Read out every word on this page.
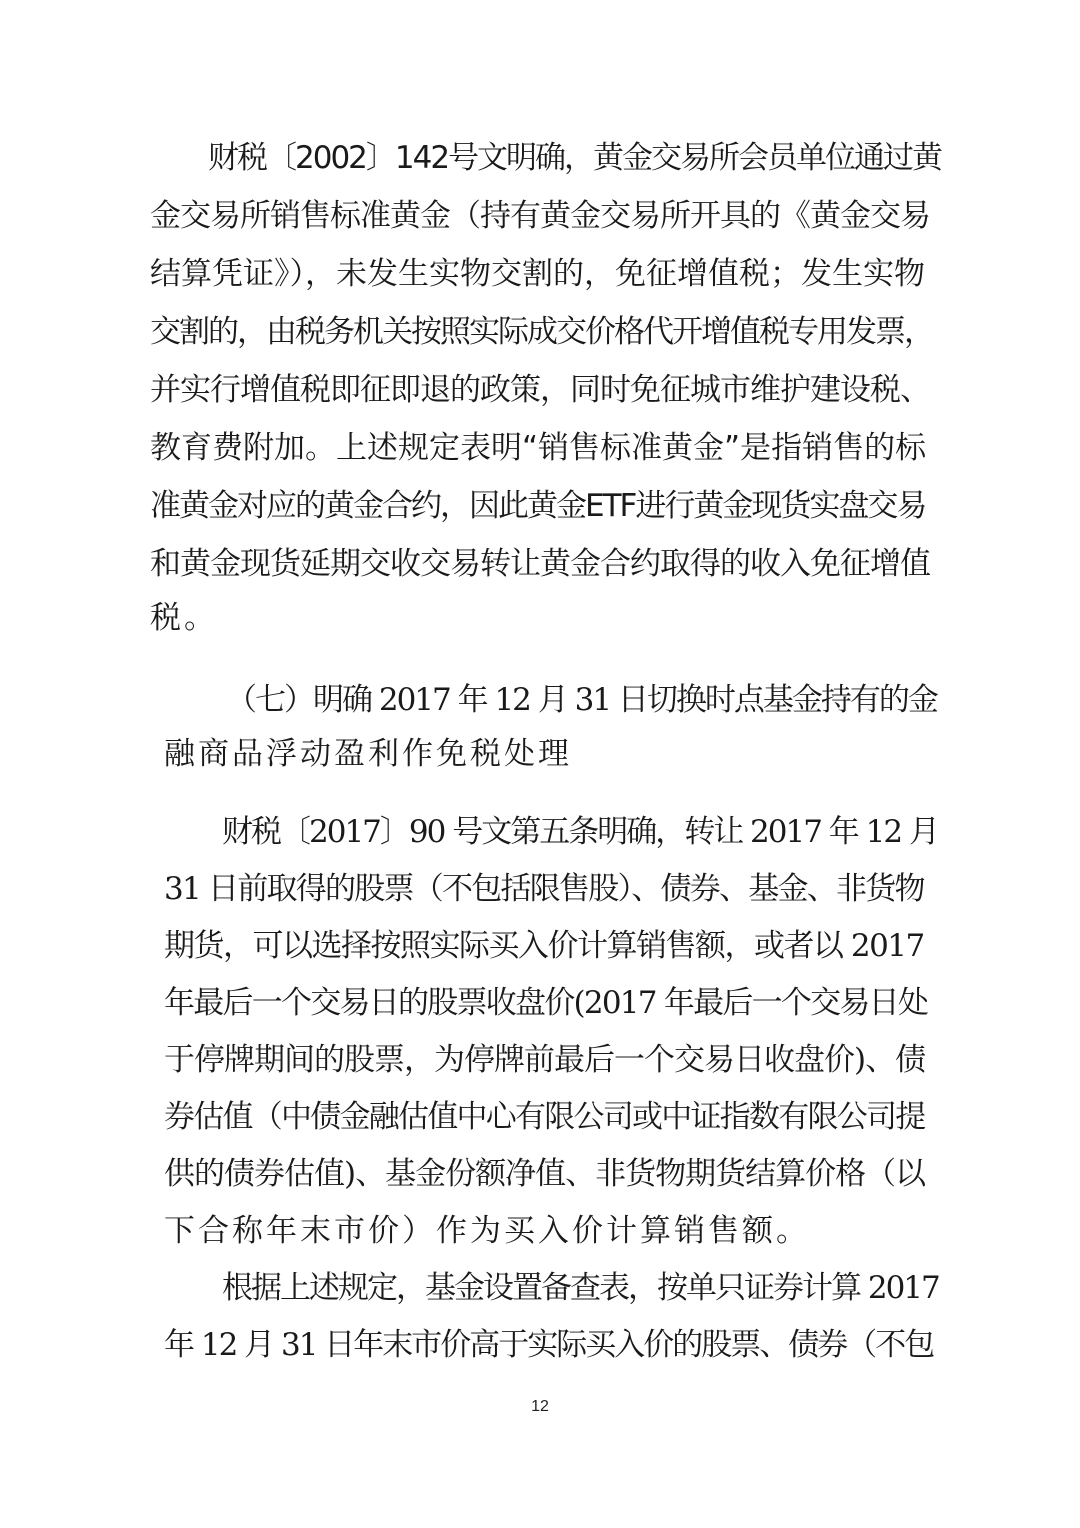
财税〔2002〕142号文明确，黄金交易所会员单位通过黄
金交易所销售标准黄金（持有黄金交易所开具的《黄金交易
结算凭证》），未发生实物交割的，免征增值税；发生实物
交割的，由税务机关按照实际成交价格代开增值税专用发票，
并实行增值税即征即退的政策，同时免征城市维护建设税、
教育费附加。上述规定表明“销售标准黄金”是指销售的标
准黄金对应的黄金合约，因此黄金ETF进行黄金现货实盘交易
和黄金现货延期交收交易转让黄金合约取得的收入免征增值
税。
（七）明确 2017 年 12 月 31 日切换时点基金持有的金
融商品浮动盈利作免税处理
财税〔2017〕90 号文第五条明确，转让 2017 年 12 月
31 日前取得的股票（不包括限售股）、债券、基金、非货物
期货，可以选择按照实际买入价计算销售额，或者以 2017
年最后一个交易日的股票收盘价(2017 年最后一个交易日处
于停牌期间的股票，为停牌前最后一个交易日收盘价)、债
券估值（中债金融估值中心有限公司或中证指数有限公司提
供的债券估值)、基金份额净值、非货物期货结算价格（以
下合称年末市价）作为买入价计算销售额。
根据上述规定，基金设置备查表，按单只证券计算 2017
年 12 月 31 日年末市价高于实际买入价的股票、债券（不包
12
